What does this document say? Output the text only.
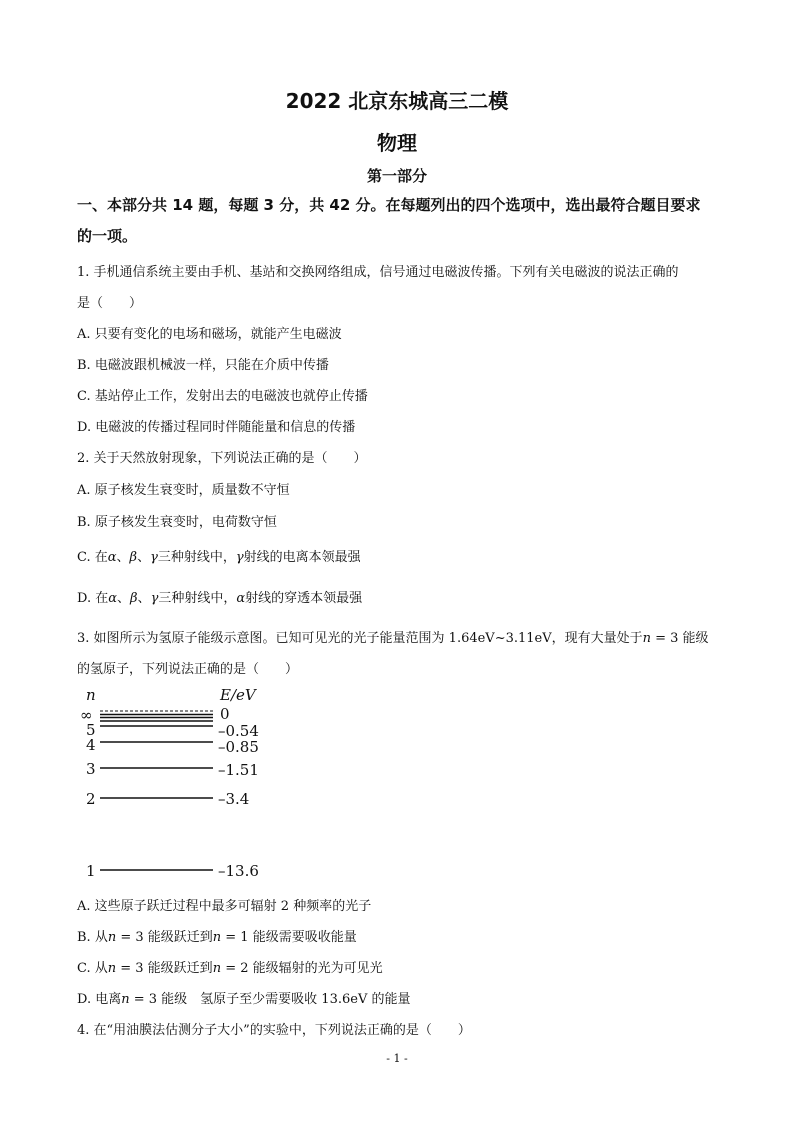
2022 北京东城高三二模
物理
第一部分
一、本部分共 14 题，每题 3 分，共 42 分。在每题列出的四个选项中，选出最符合题目要求
的一项。
1. 手机通信系统主要由手机、基站和交换网络组成，信号通过电磁波传播。下列有关电磁波的说法正确的
是（　　）
A. 只要有变化的电场和磁场，就能产生电磁波
B. 电磁波跟机械波一样，只能在介质中传播
C. 基站停止工作，发射出去的电磁波也就停止传播
D. 电磁波的传播过程同时伴随能量和信息的传播
2. 关于天然放射现象，下列说法正确的是（　　）
A. 原子核发生衰变时，质量数不守恒
B. 原子核发生衰变时，电荷数守恒
C. 在α、β、γ三种射线中，γ射线的电离本领最强
D. 在α、β、γ三种射线中，α射线的穿透本领最强
3. 如图所示为氢原子能级示意图。已知可见光的光子能量范围为 1.64eV~3.11eV，现有大量处于n = 3 能级
的氢原子，下列说法正确的是（　　）
n	E/eV
∞	0
5	–0.54
4	–0.85
3	–1.51
2	–3.4
1	–13.6
A. 这些原子跃迁过程中最多可辐射 2 种频率的光子
B. 从n = 3 能级跃迁到n = 1 能级需要吸收能量
C. 从n = 3 能级跃迁到n = 2 能级辐射的光为可见光
D. 电离n = 3 能级　氢原子至少需要吸收 13.6eV 的能量
4. 在“用油膜法估测分子大小”的实验中，下列说法正确的是（　　）
- 1 -
